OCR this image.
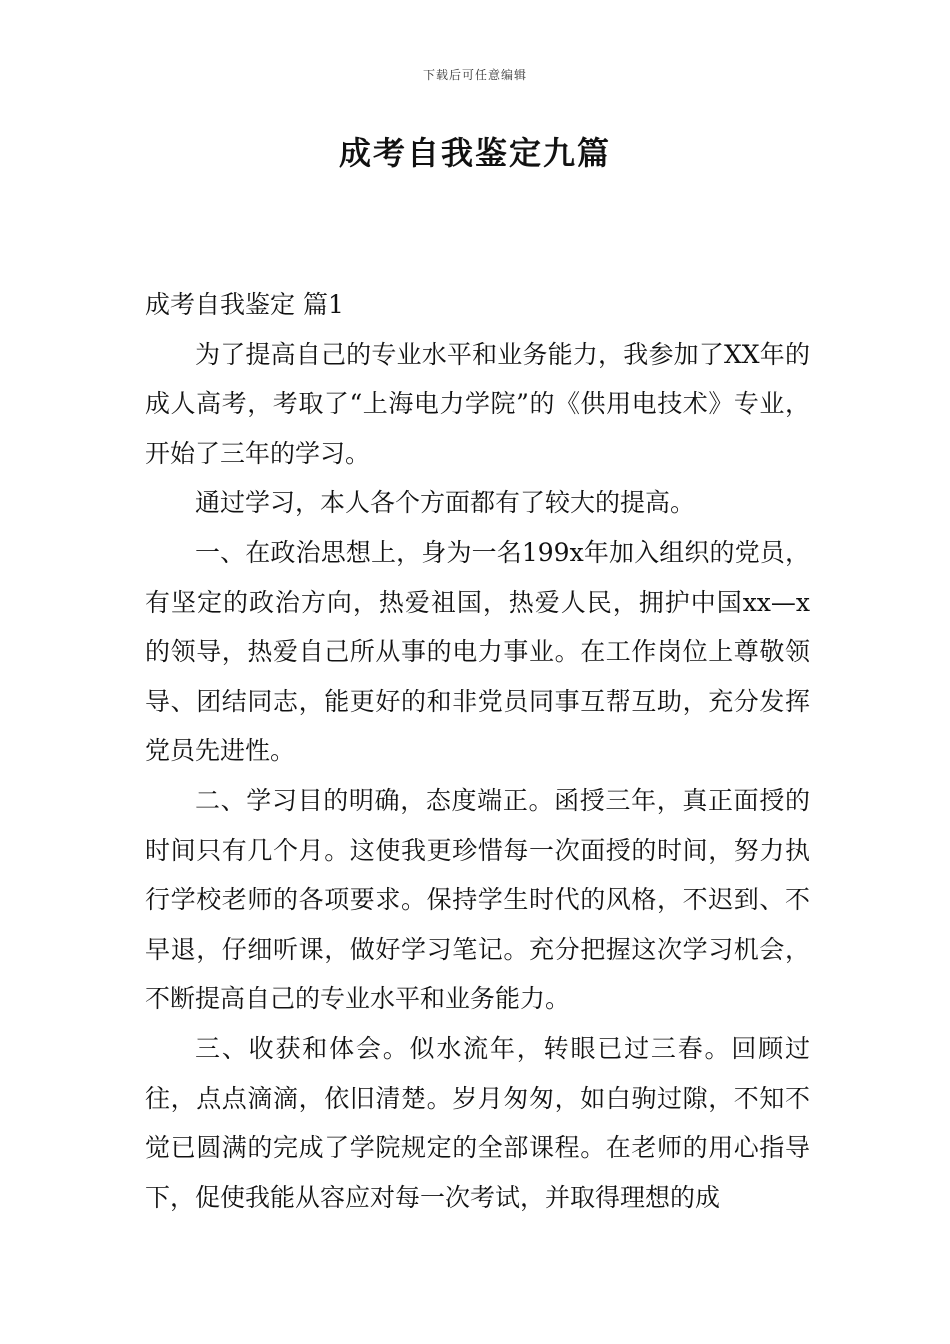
下载后可任意编辑
成考自我鉴定九篇

成考自我鉴定 篇1

为了提高自己的专业水平和业务能力，我参加了XX年的成人高考，考取了“上海电力学院”的《供用电技术》专业，开始了三年的学习。

通过学习，本人各个方面都有了较大的提高。

一、在政治思想上，身为一名199x年加入组织的党员，有坚定的政治方向，热爱祖国，热爱人民，拥护中国xx—x的领导，热爱自己所从事的电力事业。在工作岗位上尊敬领导、团结同志，能更好的和非党员同事互帮互助，充分发挥党员先进性。

二、学习目的明确，态度端正。函授三年，真正面授的时间只有几个月。这使我更珍惜每一次面授的时间，努力执行学校老师的各项要求。保持学生时代的风格，不迟到、不早退，仔细听课，做好学习笔记。充分把握这次学习机会，不断提高自己的专业水平和业务能力。

三、收获和体会。似水流年，转眼已过三春。回顾过往，点点滴滴，依旧清楚。岁月匆匆，如白驹过隙，不知不觉已圆满的完成了学院规定的全部课程。在老师的用心指导下，促使我能从容应对每一次考试，并取得理想的成
